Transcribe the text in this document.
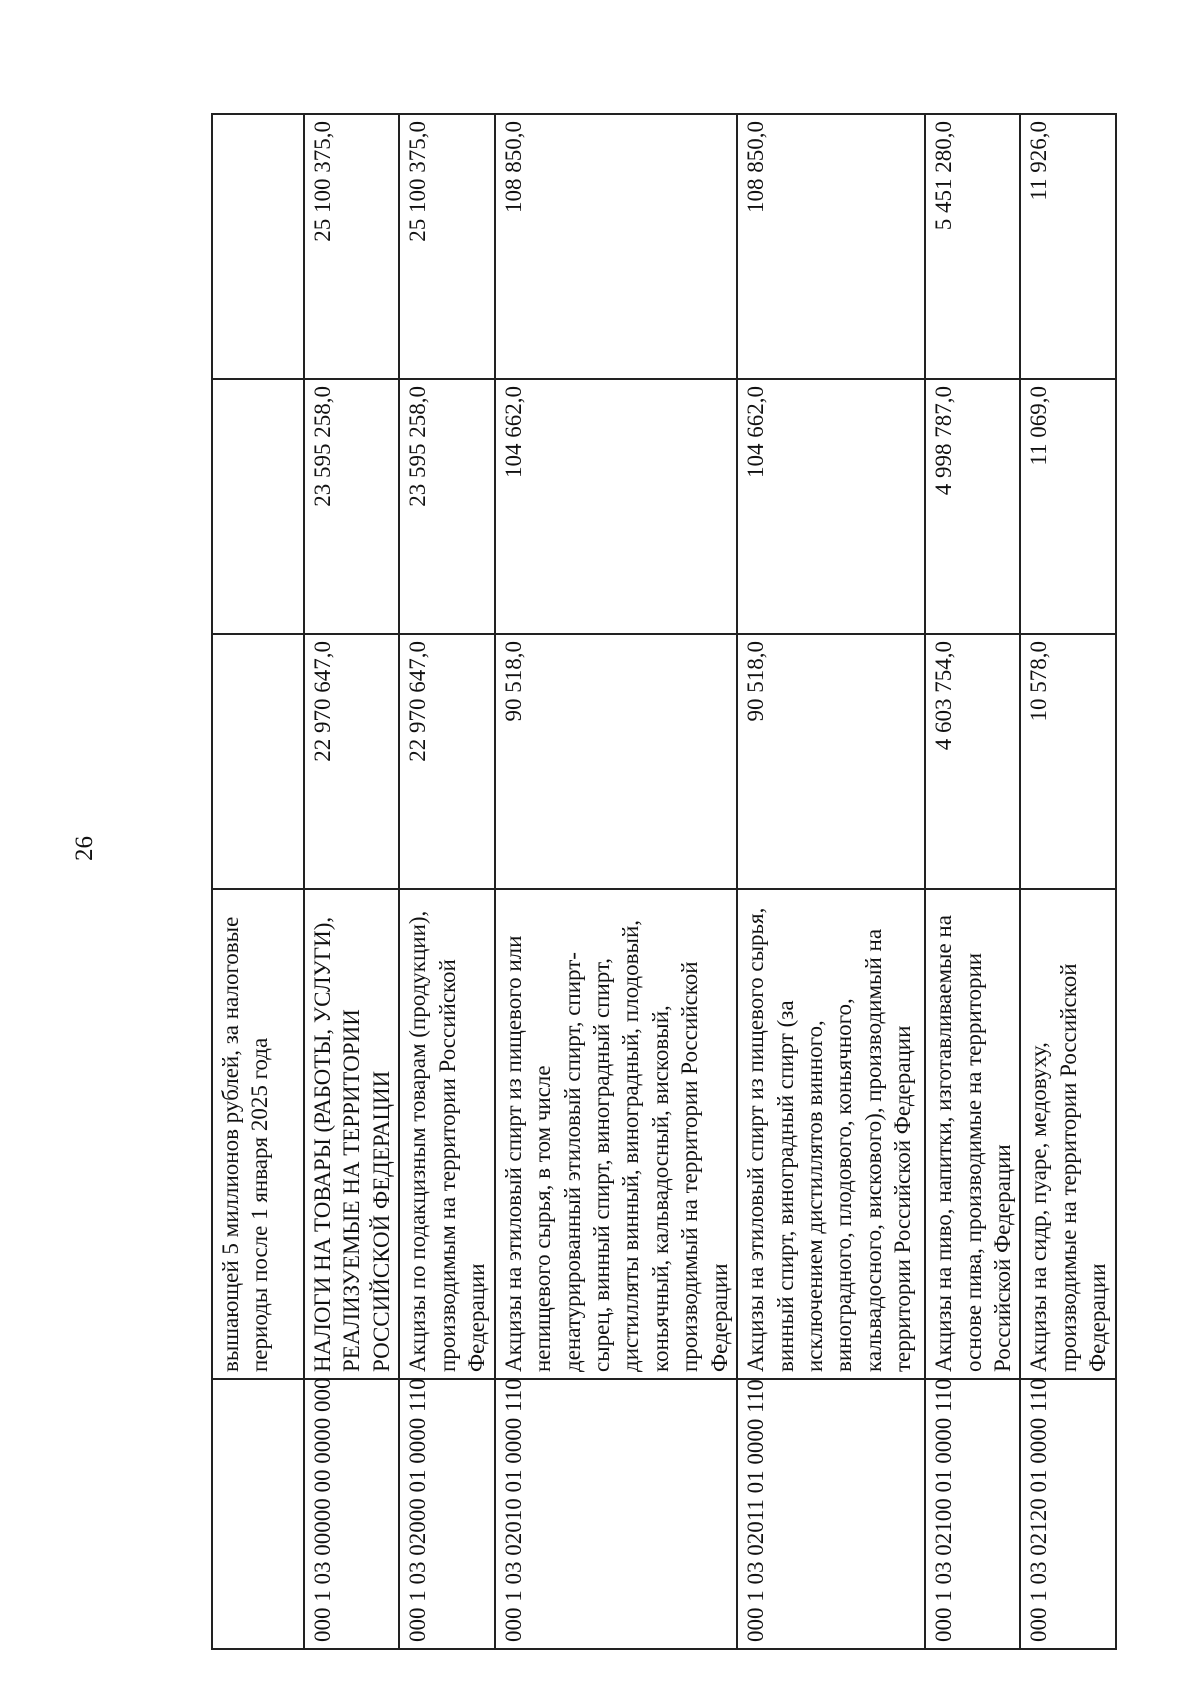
26
	вышающей 5 миллионов рублей, за налоговые периоды после 1 января 2025 года			
000 1 03 00000 00 0000 000	НАЛОГИ НА ТОВАРЫ (РАБОТЫ, УСЛУГИ), РЕАЛИЗУЕМЫЕ НА ТЕРРИТОРИИ РОССИЙСКОЙ ФЕДЕРАЦИИ	22 970 647,0	23 595 258,0	25 100 375,0
000 1 03 02000 01 0000 110	Акцизы по подакцизным товарам (продукции), производимым на территории Российской Федерации	22 970 647,0	23 595 258,0	25 100 375,0
000 1 03 02010 01 0000 110	Акцизы на этиловый спирт из пищевого или непищевого сырья, в том числе денатурированный этиловый спирт, спирт-сырец, винный спирт, виноградный спирт, дистилляты винный, виноградный, плодовый, коньячный, кальвадосный, висковый, производимый на территории Российской Федерации	90 518,0	104 662,0	108 850,0
000 1 03 02011 01 0000 110	Акцизы на этиловый спирт из пищевого сырья, винный спирт, виноградный спирт (за исключением дистиллятов винного, виноградного, плодового, коньячного, кальвадосного, вискового), производимый на территории Российской Федерации	90 518,0	104 662,0	108 850,0
000 1 03 02100 01 0000 110	Акцизы на пиво, напитки, изготавливаемые на основе пива, производимые на территории Российской Федерации	4 603 754,0	4 998 787,0	5 451 280,0
000 1 03 02120 01 0000 110	Акцизы на сидр, пуаре, медовуху, производимые на территории Российской Федерации	10 578,0	11 069,0	11 926,0
